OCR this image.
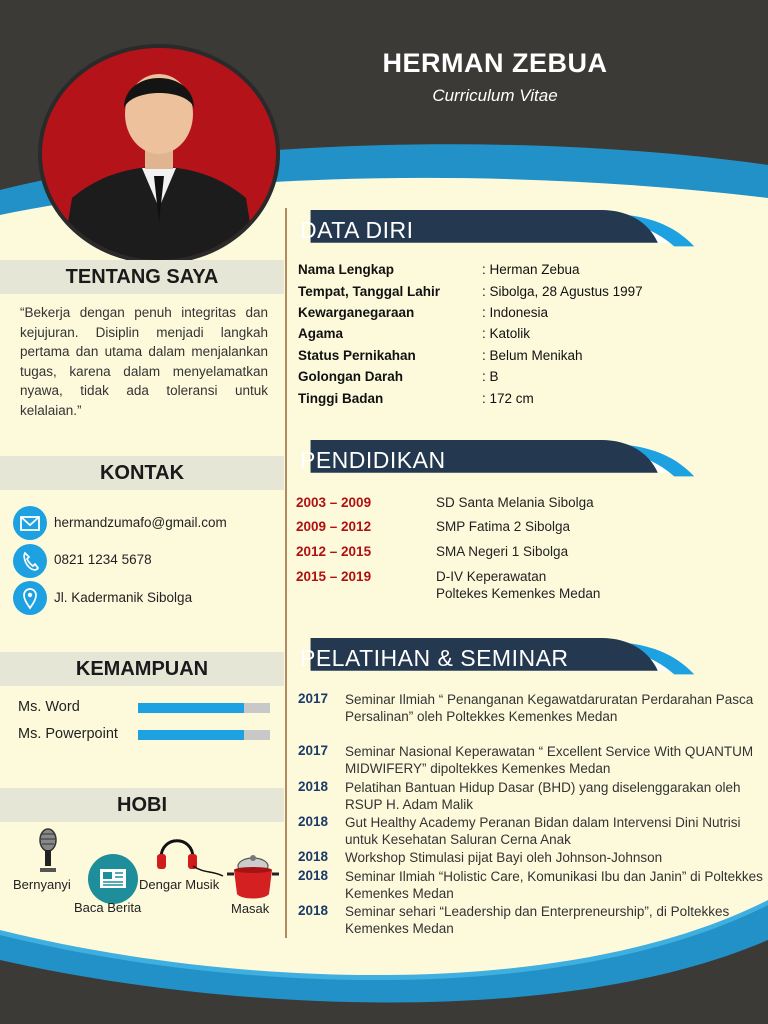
HERMAN ZEBUA
Curriculum Vitae
TENTANG SAYA
“Bekerja dengan penuh integritas dan kejujuran. Disiplin menjadi langkah pertama dan utama dalam menjalankan tugas, karena dalam menyelamatkan nyawa, tidak ada toleransi untuk kelalaian.”
KONTAK
hermandzumafo@gmail.com
0821 1234 5678
Jl. Kadermanik Sibolga
KEMAMPUAN
Ms. Word
Ms. Powerpoint
HOBI
Bernyanyi
Baca Berita
Dengar Musik
Masak
DATA DIRI
Nama Lengkap	: Herman Zebua
Tempat, Tanggal Lahir	: Sibolga, 28 Agustus 1997
Kewarganegaraan	: Indonesia
Agama	: Katolik
Status Pernikahan	: Belum Menikah
Golongan Darah	: B
Tinggi Badan	: 172 cm
PENDIDIKAN
2003 – 2009	SD Santa Melania Sibolga
2009 – 2012	SMP Fatima 2 Sibolga
2012 – 2015	SMA Negeri 1 Sibolga
2015 – 2019	D-IV Keperawatan
Poltekes Kemenkes Medan
PELATIHAN & SEMINAR
2017 Seminar Ilmiah “ Penanganan Kegawatdaruratan Perdarahan Pasca Persalinan” oleh Poltekkes Kemenkes Medan
2017 Seminar Nasional Keperawatan “ Excellent Service With QUANTUM MIDWIFERY” dipoltekkes Kemenkes Medan
2018 Pelatihan Bantuan Hidup Dasar (BHD) yang diselenggarakan oleh RSUP H. Adam Malik
2018 Gut Healthy Academy Peranan Bidan dalam Intervensi Dini Nutrisi untuk Kesehatan Saluran Cerna Anak
2018 Workshop Stimulasi pijat Bayi oleh Johnson-Johnson
2018 Seminar Ilmiah “Holistic Care, Komunikasi Ibu dan Janin” di Poltekkes Kemenkes Medan
2018 Seminar sehari “Leadership dan Enterpreneurship”, di Poltekkes Kemenkes Medan
